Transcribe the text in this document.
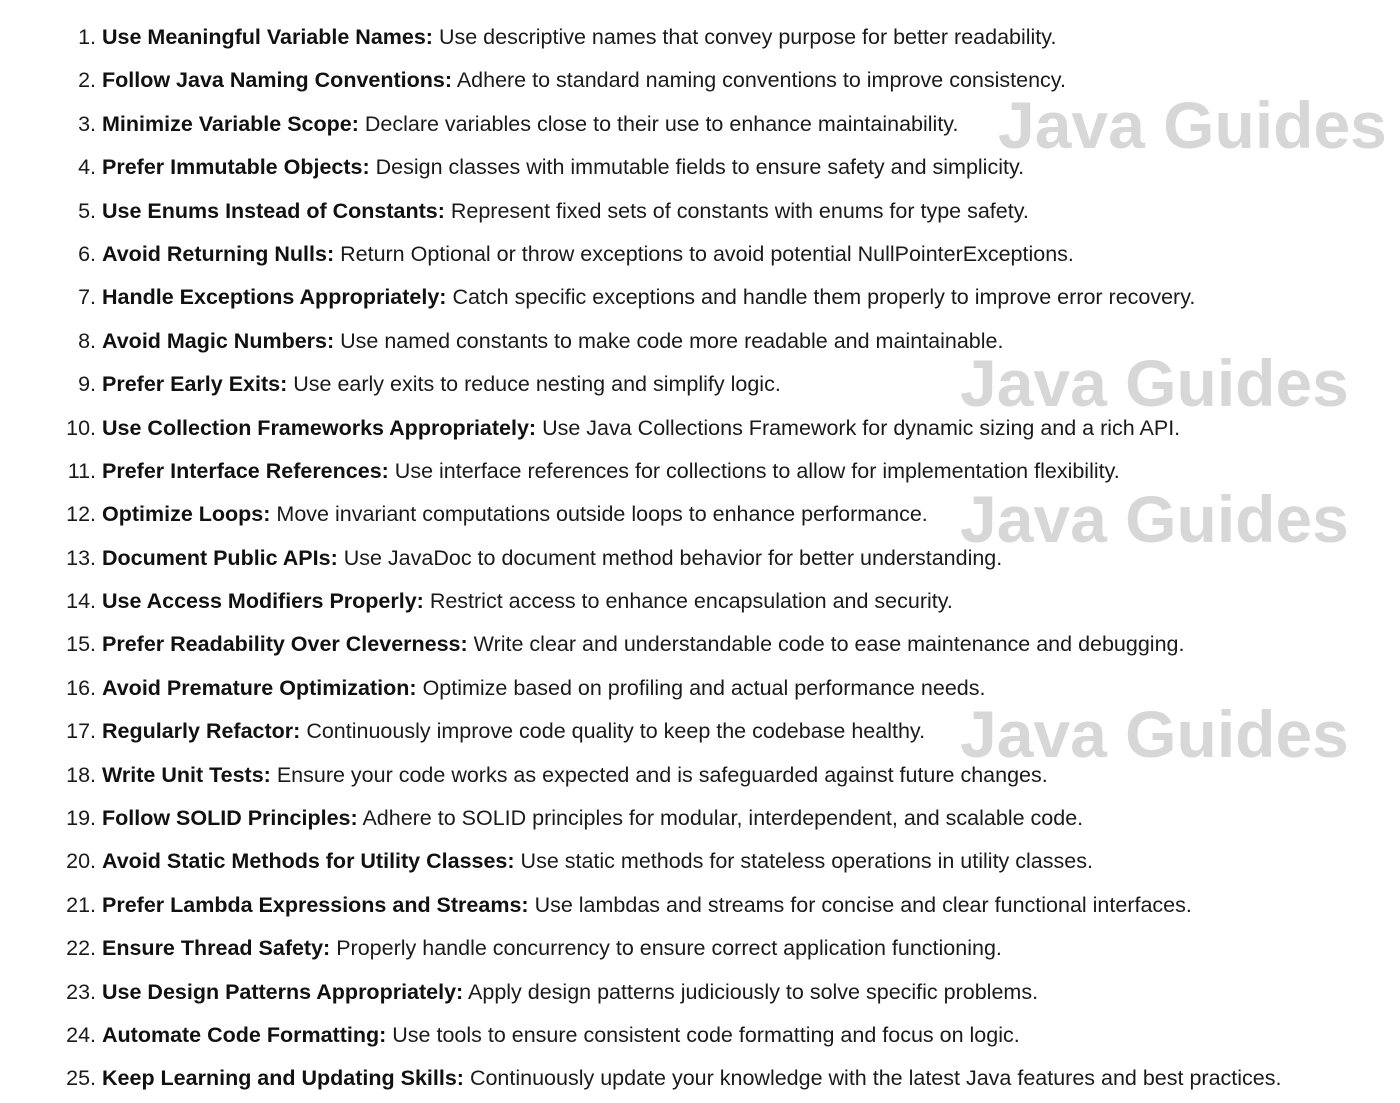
1. 1. Use Meaningful Variable Names: Use descriptive names that convey purpose for better readability.
2. 2. Follow Java Naming Conventions: Adhere to standard naming conventions to improve consistency.
3. 3. Minimize Variable Scope: Declare variables close to their use to enhance maintainability.
4. 4. Prefer Immutable Objects: Design classes with immutable fields to ensure safety and simplicity.
5. 5. Use Enums Instead of Constants: Represent fixed sets of constants with enums for type safety.
6. 6. Avoid Returning Nulls: Return Optional or throw exceptions to avoid potential NullPointerExceptions.
7. 7. Handle Exceptions Appropriately: Catch specific exceptions and handle them properly to improve error recovery.
8. 8. Avoid Magic Numbers: Use named constants to make code more readable and maintainable.
9. 9. Prefer Early Exits: Use early exits to reduce nesting and simplify logic.
10. 10. Use Collection Frameworks Appropriately: Use Java Collections Framework for dynamic sizing and a rich API.
11. 11. Prefer Interface References: Use interface references for collections to allow for implementation flexibility.
12. 12. Optimize Loops: Move invariant computations outside loops to enhance performance.
13. 13. Document Public APIs: Use JavaDoc to document method behavior for better understanding.
14. 14. Use Access Modifiers Properly: Restrict access to enhance encapsulation and security.
15. 15. Prefer Readability Over Cleverness: Write clear and understandable code to ease maintenance and debugging.
16. 16. Avoid Premature Optimization: Optimize based on profiling and actual performance needs.
17. 17. Regularly Refactor: Continuously improve code quality to keep the codebase healthy.
18. 18. Write Unit Tests: Ensure your code works as expected and is safeguarded against future changes.
19. 19. Follow SOLID Principles: Adhere to SOLID principles for modular, interdependent, and scalable code.
20. 20. Avoid Static Methods for Utility Classes: Use static methods for stateless operations in utility classes.
21. 21. Prefer Lambda Expressions and Streams: Use lambdas and streams for concise and clear functional interfaces.
22. 22. Ensure Thread Safety: Properly handle concurrency to ensure correct application functioning.
23. 23. Use Design Patterns Appropriately: Apply design patterns judiciously to solve specific problems.
24. 24. Automate Code Formatting: Use tools to ensure consistent code formatting and focus on logic.
25. 25. Keep Learning and Updating Skills: Continuously update your knowledge with the latest Java features and best practices.
Java Guides
Java Guides
Java Guides
Java Guides
